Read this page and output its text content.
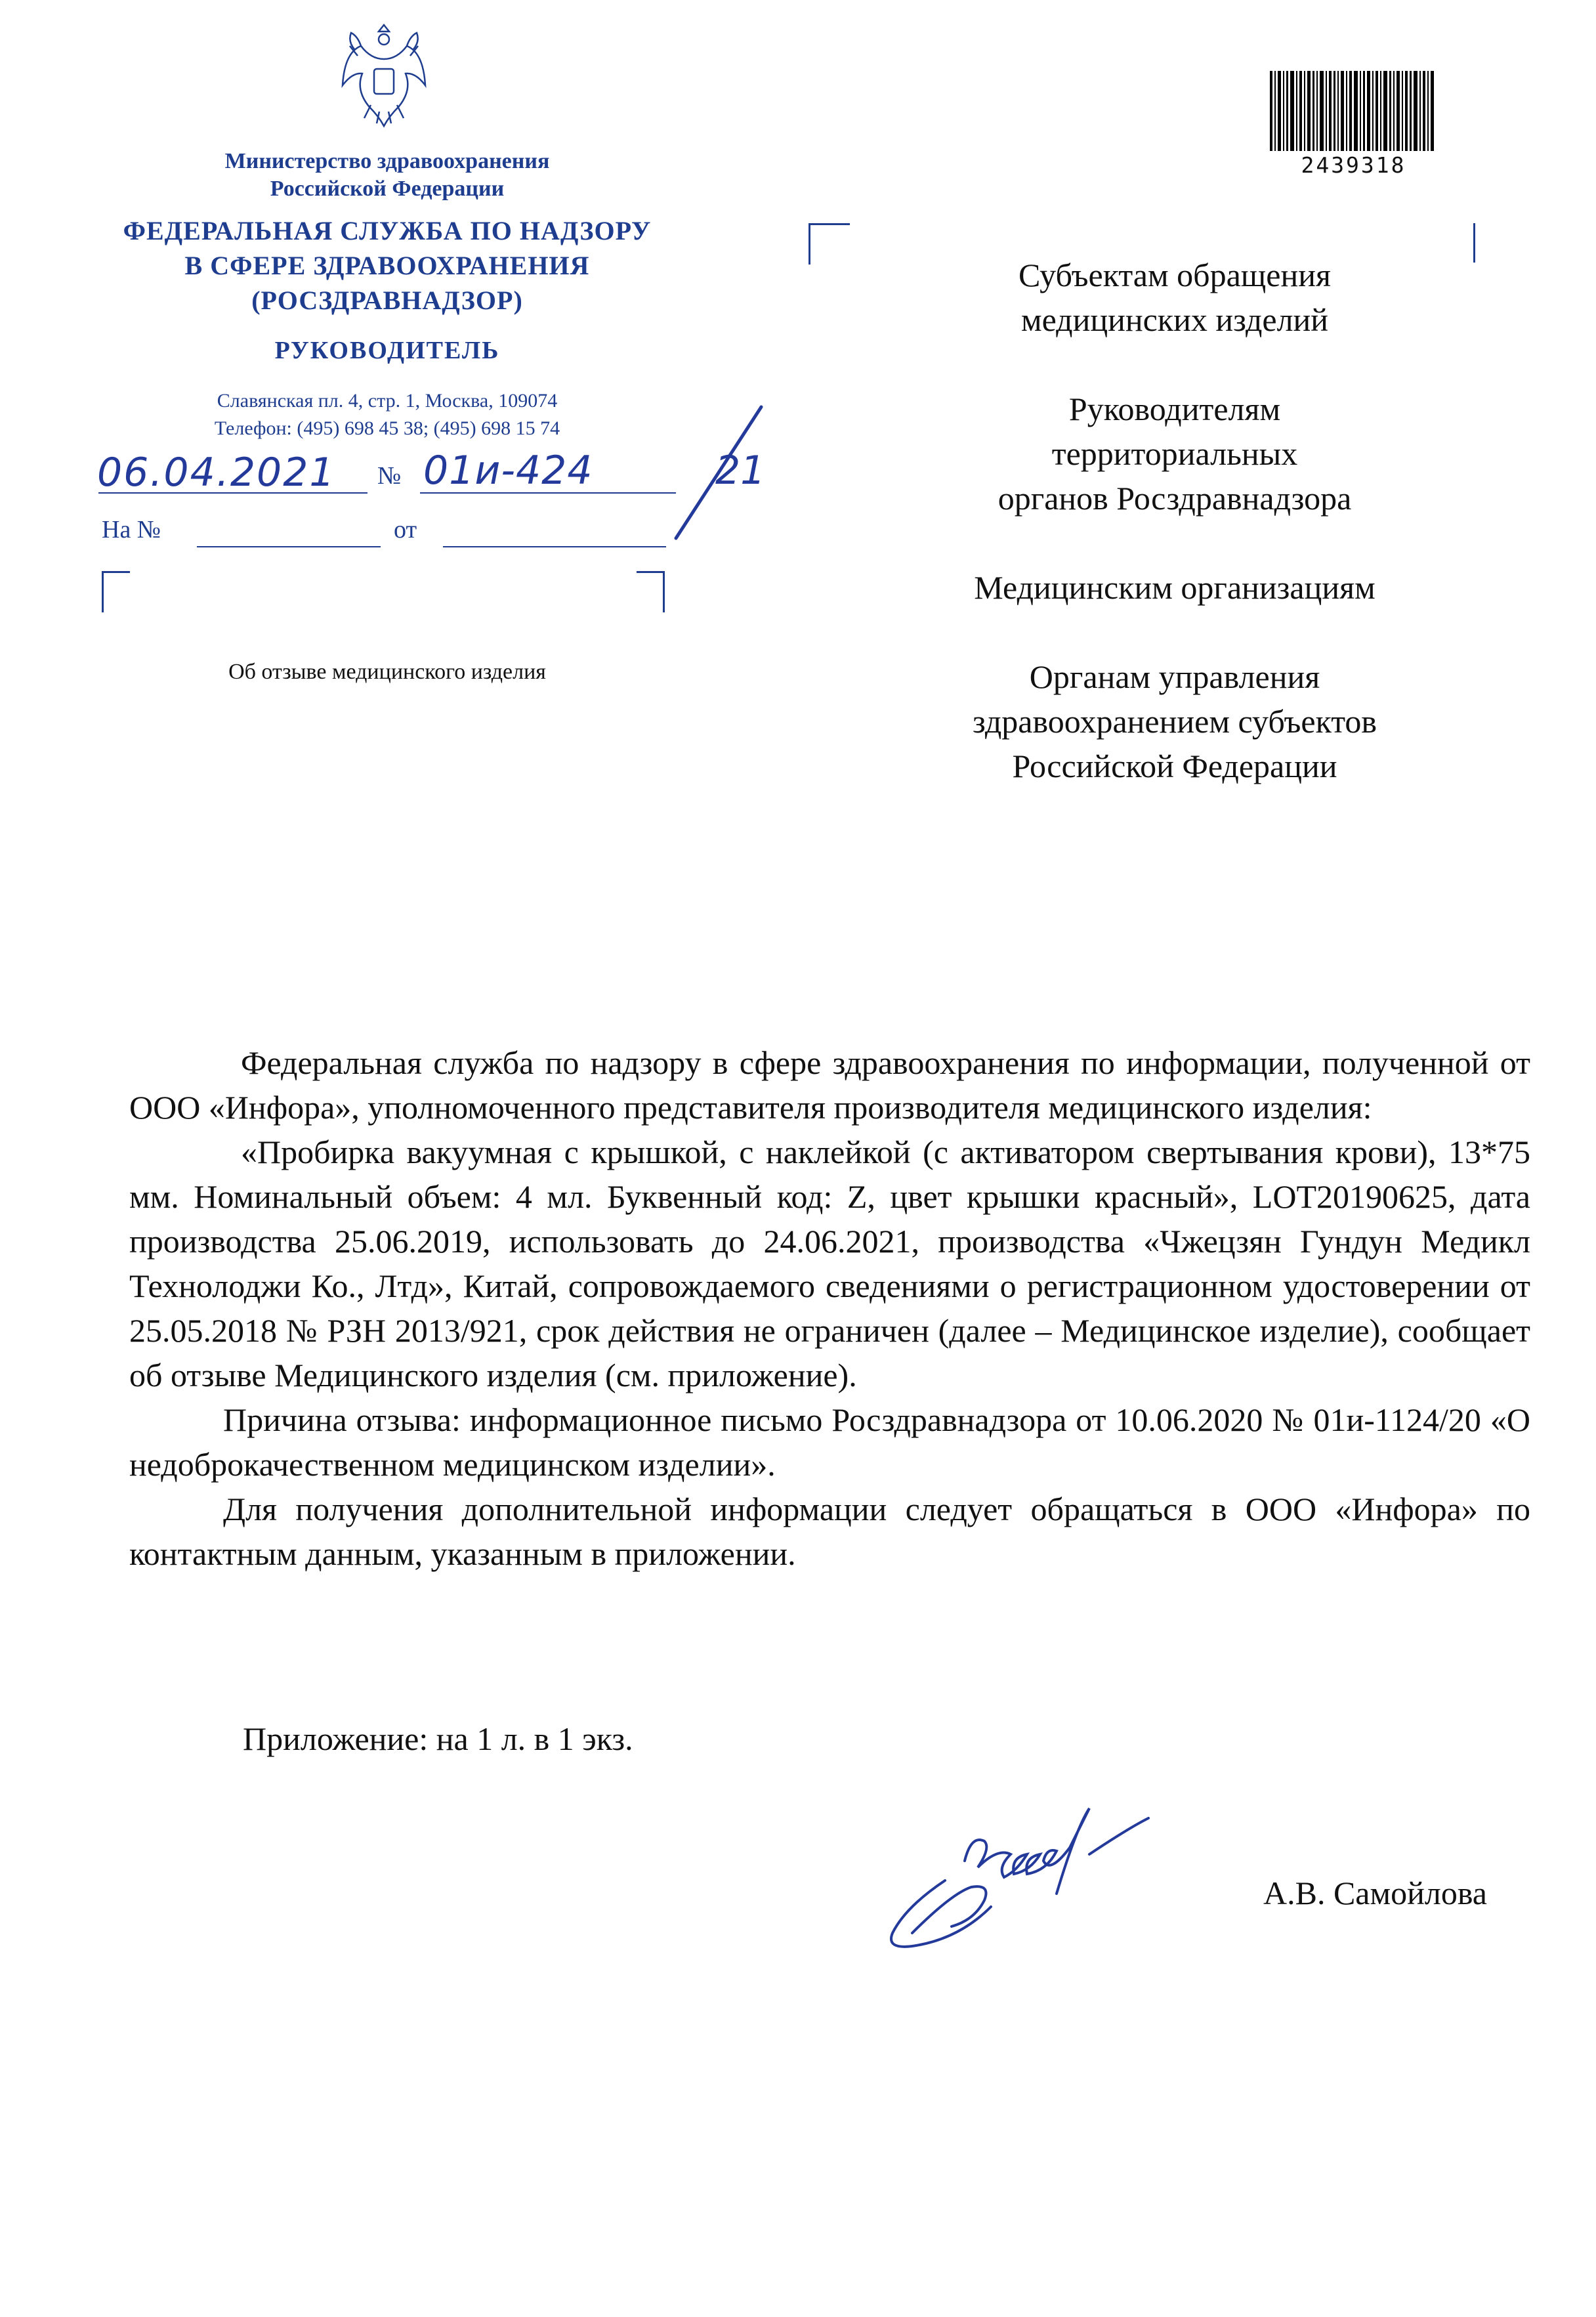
Министерство здравоохранения
Российской Федерации
ФЕДЕРАЛЬНАЯ СЛУЖБА ПО НАДЗОРУ
В СФЕРЕ ЗДРАВООХРАНЕНИЯ
(РОСЗДРАВНАДЗОР)
РУКОВОДИТЕЛЬ
Славянская пл. 4, стр. 1, Москва, 109074
Телефон: (495) 698 45 38; (495) 698 15 74
06.04.2021 № 01и-424	21
На №	от
Об отзыве медицинского изделия
2439318

Субъектам обращения
медицинских изделий

Руководителям
территориальных
органов Росздравнадзора

Медицинским организациям

Органам управления
здравоохранением субъектов
Российской Федерации

Федеральная служба по надзору в сфере здравоохранения по информации, полученной от ООО «Инфора», уполномоченного представителя производителя медицинского изделия:

«Пробирка вакуумная с крышкой, с наклейкой (с активатором свертывания крови), 13*75 мм. Номинальный объем: 4 мл. Буквенный код: Z, цвет крышки красный», LOT20190625, дата производства 25.06.2019, использовать до 24.06.2021, производства «Чжецзян Гундун Медикл Технолоджи Ко., Лтд», Китай, сопровождаемого сведениями о регистрационном удостоверении от 25.05.2018 № РЗН 2013/921, срок действия не ограничен (далее – Медицинское изделие), сообщает об отзыве Медицинского изделия (см. приложение).

Причина отзыва: информационное письмо Росздравнадзора от 10.06.2020 № 01и-1124/20 «О недоброкачественном медицинском изделии».

Для получения дополнительной информации следует обращаться в ООО «Инфора» по контактным данным, указанным в приложении.

Приложение: на 1 л. в 1 экз.
А.В. Самойлова
